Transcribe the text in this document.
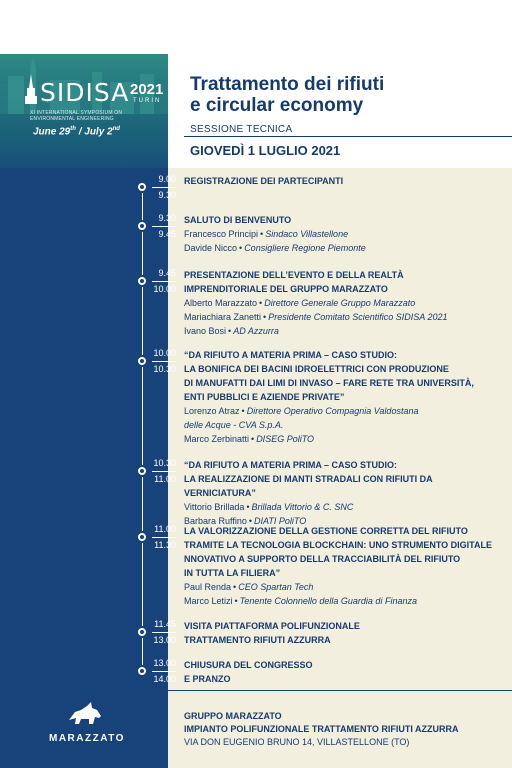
SIDISA 2021
TURIN
XI INTERNATIONAL SYMPOSIUM ON ENVIRONMENTAL ENGINEERING
June 29th / July 2nd
Trattamento dei rifiuti
e circular economy
SESSIONE TECNICA
GIOVEDÌ 1 LUGLIO 2021
9.00
9.30
REGISTRAZIONE DEI PARTECIPANTI
9.30
9.45
SALUTO DI BENVENUTO
Francesco Principi • Sindaco Villastellone
Davide Nicco • Consigliere Regione Piemonte
9.45
10.00
PRESENTAZIONE DELL’EVENTO E DELLA REALTÀ
IMPRENDITORIALE DEL GRUPPO MARAZZATO
Alberto Marazzato • Direttore Generale Gruppo Marazzato
Mariachiara Zanetti • Presidente Comitato Scientifico SIDISA 2021
Ivano Bosi • AD Azzurra
10.00
10.30
“DA RIFIUTO A MATERIA PRIMA – CASO STUDIO:
LA BONIFICA DEI BACINI IDROELETTRICI CON PRODUZIONE
DI MANUFATTI DAI LIMI DI INVASO – FARE RETE TRA UNIVERSITÀ,
ENTI PUBBLICI E AZIENDE PRIVATE”
Lorenzo Atraz • Direttore Operativo Compagnia Valdostana
delle Acque - CVA S.p.A.
Marco Zerbinatti • DISEG PoliTO
10.30
11.00
“DA RIFIUTO A MATERIA PRIMA – CASO STUDIO:
LA REALIZZAZIONE DI MANTI STRADALI CON RIFIUTI DA VERNICIATURA”
Vittorio Brillada • Brillada Vittorio & C. SNC
Barbara Ruffino • DIATI PoliTO
11.00
11.30
LA VALORIZZAZIONE DELLA GESTIONE CORRETTA DEL RIFIUTO
TRAMITE LA TECNOLOGIA BLOCKCHAIN: UNO STRUMENTO DIGITALE
NNOVATIVO A SUPPORTO DELLA TRACCIABILITÀ DEL RIFIUTO
IN TUTTA LA FILIERA”
Paul Renda • CEO Spartan Tech
Marco Letizi • Tenente Colonnello della Guardia di Finanza
11.45
13.00
VISITA PIATTAFORMA POLIFUNZIONALE
TRATTAMENTO RIFIUTI AZZURRA
13.00
14.00
CHIUSURA DEL CONGRESSO
E PRANZO
MARAZZATO
GRUPPO MARAZZATO
IMPIANTO POLIFUNZIONALE TRATTAMENTO RIFIUTI AZZURRA
VIA DON EUGENIO BRUNO 14, VILLASTELLONE (TO)
